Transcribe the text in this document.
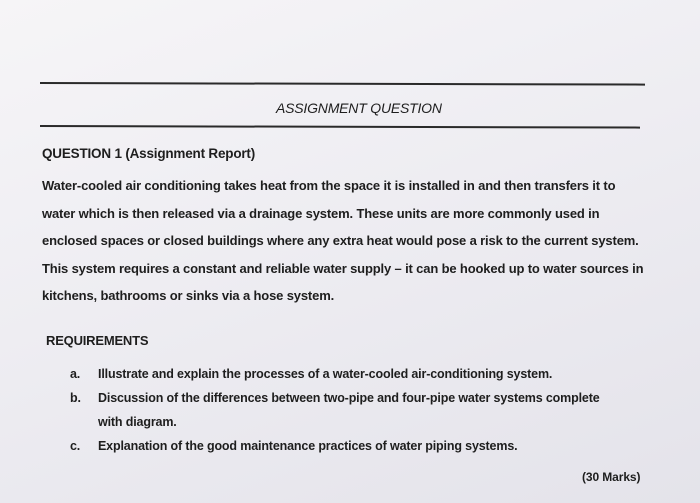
ASSIGNMENT QUESTION
QUESTION 1 (Assignment Report)
Water-cooled air conditioning takes heat from the space it is installed in and then transfers it to
water which is then released via a drainage system. These units are more commonly used in
enclosed spaces or closed buildings where any extra heat would pose a risk to the current system.
This system requires a constant and reliable water supply – it can be hooked up to water sources in
kitchens, bathrooms or sinks via a hose system.
REQUIREMENTS
a.	Illustrate and explain the processes of a water-cooled air-conditioning system.
b.	Discussion of the differences between two-pipe and four-pipe water systems complete
with diagram.
c.	Explanation of the good maintenance practices of water piping systems.
(30 Marks)
